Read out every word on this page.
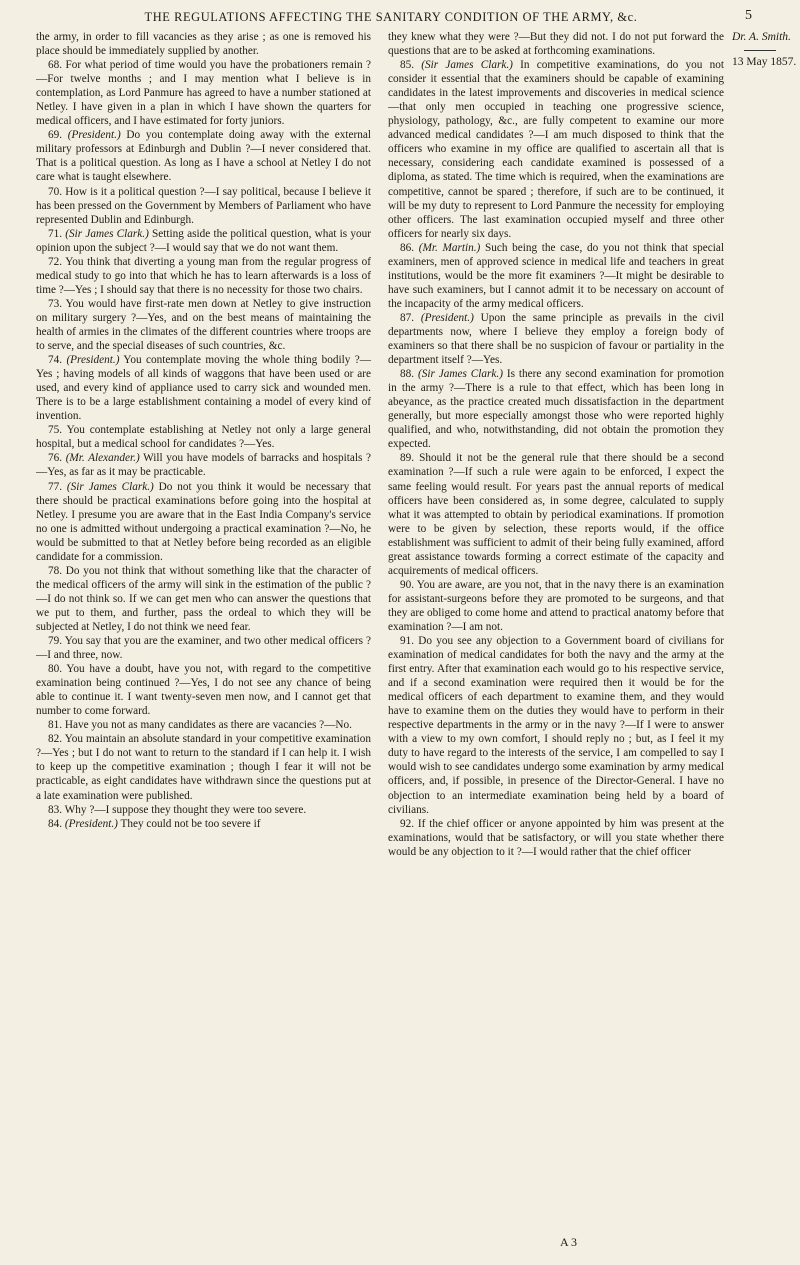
THE REGULATIONS AFFECTING THE SANITARY CONDITION OF THE ARMY, &c.	5

the army, in order to fill vacancies as they arise ; as one is removed his place should be immediately supplied by another.

68. For what period of time would you have the probationers remain ?—For twelve months ; and I may mention what I believe is in contemplation, as Lord Panmure has agreed to have a number stationed at Netley. I have given in a plan in which I have shown the quarters for medical officers, and I have estimated for forty juniors.

69. (President.) Do you contemplate doing away with the external military professors at Edinburgh and Dublin ?—I never considered that. That is a political question. As long as I have a school at Netley I do not care what is taught elsewhere.

70. How is it a political question ?—I say political, because I believe it has been pressed on the Government by Members of Parliament who have represented Dublin and Edinburgh.

71. (Sir James Clark.) Setting aside the political question, what is your opinion upon the subject ?—I would say that we do not want them.

72. You think that diverting a young man from the regular progress of medical study to go into that which he has to learn afterwards is a loss of time ?—Yes ; I should say that there is no necessity for those two chairs.

73. You would have first-rate men down at Netley to give instruction on military surgery ?—Yes, and on the best means of maintaining the health of armies in the climates of the different countries where troops are to serve, and the special diseases of such countries, &c.

74. (President.) You contemplate moving the whole thing bodily ?—Yes ; having models of all kinds of waggons that have been used or are used, and every kind of appliance used to carry sick and wounded men. There is to be a large establishment containing a model of every kind of invention.

75. You contemplate establishing at Netley not only a large general hospital, but a medical school for candidates ?—Yes.

76. (Mr. Alexander.) Will you have models of barracks and hospitals ?—Yes, as far as it may be practicable.

77. (Sir James Clark.) Do not you think it would be necessary that there should be practical examinations before going into the hospital at Netley. I presume you are aware that in the East India Company's service no one is admitted without undergoing a practical examination ?—No, he would be submitted to that at Netley before being recorded as an eligible candidate for a commission.

78. Do you not think that without something like that the character of the medical officers of the army will sink in the estimation of the public ?—I do not think so. If we can get men who can answer the questions that we put to them, and further, pass the ordeal to which they will be subjected at Netley, I do not think we need fear.

79. You say that you are the examiner, and two other medical officers ?—I and three, now.

80. You have a doubt, have you not, with regard to the competitive examination being continued ?—Yes, I do not see any chance of being able to continue it. I want twenty-seven men now, and I cannot get that number to come forward.

81. Have you not as many candidates as there are vacancies ?—No.

82. You maintain an absolute standard in your competitive examination ?—Yes ; but I do not want to return to the standard if I can help it. I wish to keep up the competitive examination ; though I fear it will not be practicable, as eight candidates have withdrawn since the questions put at a late examination were published.

83. Why ?—I suppose they thought they were too severe.

84. (President.) They could not be too severe if

they knew what they were ?—But they did not. I do not put forward the questions that are to be asked at forthcoming examinations.

85. (Sir James Clark.) In competitive examinations, do you not consider it essential that the examiners should be capable of examining candidates in the latest improvements and discoveries in medical science—that only men occupied in teaching one progressive science, physiology, pathology, &c., are fully competent to examine our more advanced medical candidates ?—I am much disposed to think that the officers who examine in my office are qualified to ascertain all that is necessary, considering each candidate examined is possessed of a diploma, as stated. The time which is required, when the examinations are competitive, cannot be spared ; therefore, if such are to be continued, it will be my duty to represent to Lord Panmure the necessity for employing other officers. The last examination occupied myself and three other officers for nearly six days.

86. (Mr. Martin.) Such being the case, do you not think that special examiners, men of approved science in medical life and teachers in great institutions, would be the more fit examiners ?—It might be desirable to have such examiners, but I cannot admit it to be necessary on account of the incapacity of the army medical officers.

87. (President.) Upon the same principle as prevails in the civil departments now, where I believe they employ a foreign body of examiners so that there shall be no suspicion of favour or partiality in the department itself ?—Yes.

88. (Sir James Clark.) Is there any second examination for promotion in the army ?—There is a rule to that effect, which has been long in abeyance, as the practice created much dissatisfaction in the department generally, but more especially amongst those who were reported highly qualified, and who, notwithstanding, did not obtain the promotion they expected.

89. Should it not be the general rule that there should be a second examination ?—If such a rule were again to be enforced, I expect the same feeling would result. For years past the annual reports of medical officers have been considered as, in some degree, calculated to supply what it was attempted to obtain by periodical examinations. If promotion were to be given by selection, these reports would, if the office establishment was sufficient to admit of their being fully examined, afford great assistance towards forming a correct estimate of the capacity and acquirements of medical officers.

90. You are aware, are you not, that in the navy there is an examination for assistant-surgeons before they are promoted to be surgeons, and that they are obliged to come home and attend to practical anatomy before that examination ?—I am not.

91. Do you see any objection to a Government board of civilians for examination of medical candidates for both the navy and the army at the first entry. After that examination each would go to his respective service, and if a second examination were required then it would be for the medical officers of each department to examine them, and they would have to examine them on the duties they would have to perform in their respective departments in the army or in the navy ?—If I were to answer with a view to my own comfort, I should reply no ; but, as I feel it my duty to have regard to the interests of the service, I am compelled to say I would wish to see candidates undergo some examination by army medical officers, and, if possible, in presence of the Director-General. I have no objection to an intermediate examination being held by a board of civilians.

92. If the chief officer or anyone appointed by him was present at the examinations, would that be satisfactory, or will you state whether there would be any objection to it ?—I would rather that the chief officer

Dr. A. Smith.
13 May 1857.
A 3
